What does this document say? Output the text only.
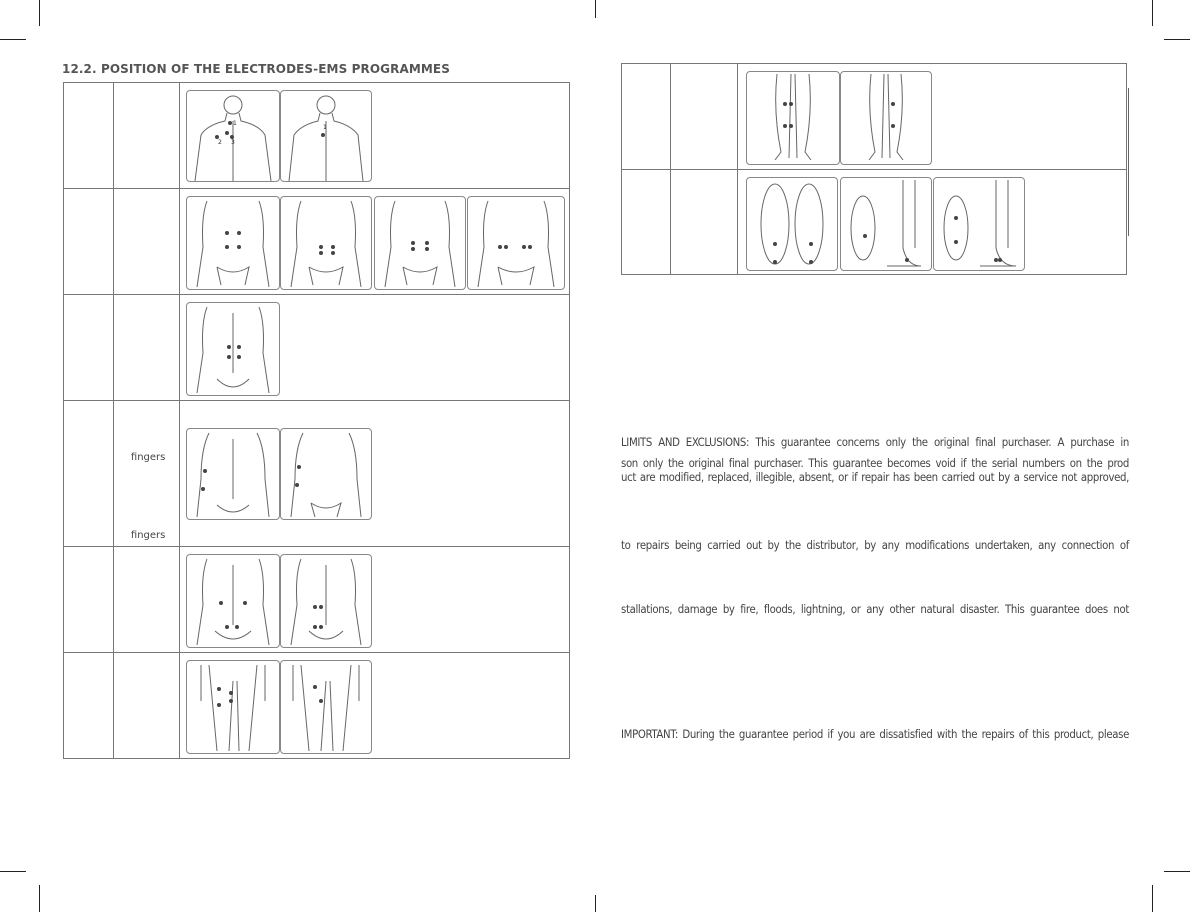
12.2. POSITION OF THE ELECTRODES-EMS PROGRAMMES

1
2 3
1

	fingers
fingers

LIMITS AND EXCLUSIONS: This guarantee concerns only the original final purchaser. A purchase in
son only the original final purchaser. This guarantee becomes void if the serial numbers on the prod
uct are modified, replaced, illegible, absent, or if repair has been carried out by a service not approved,
to repairs being carried out by the distributor, by any modifications undertaken, any connection of
stallations, damage by fire, floods, lightning, or any other natural disaster. This guarantee does not
IMPORTANT: During the guarantee period if you are dissatisfied with the repairs of this product, please
